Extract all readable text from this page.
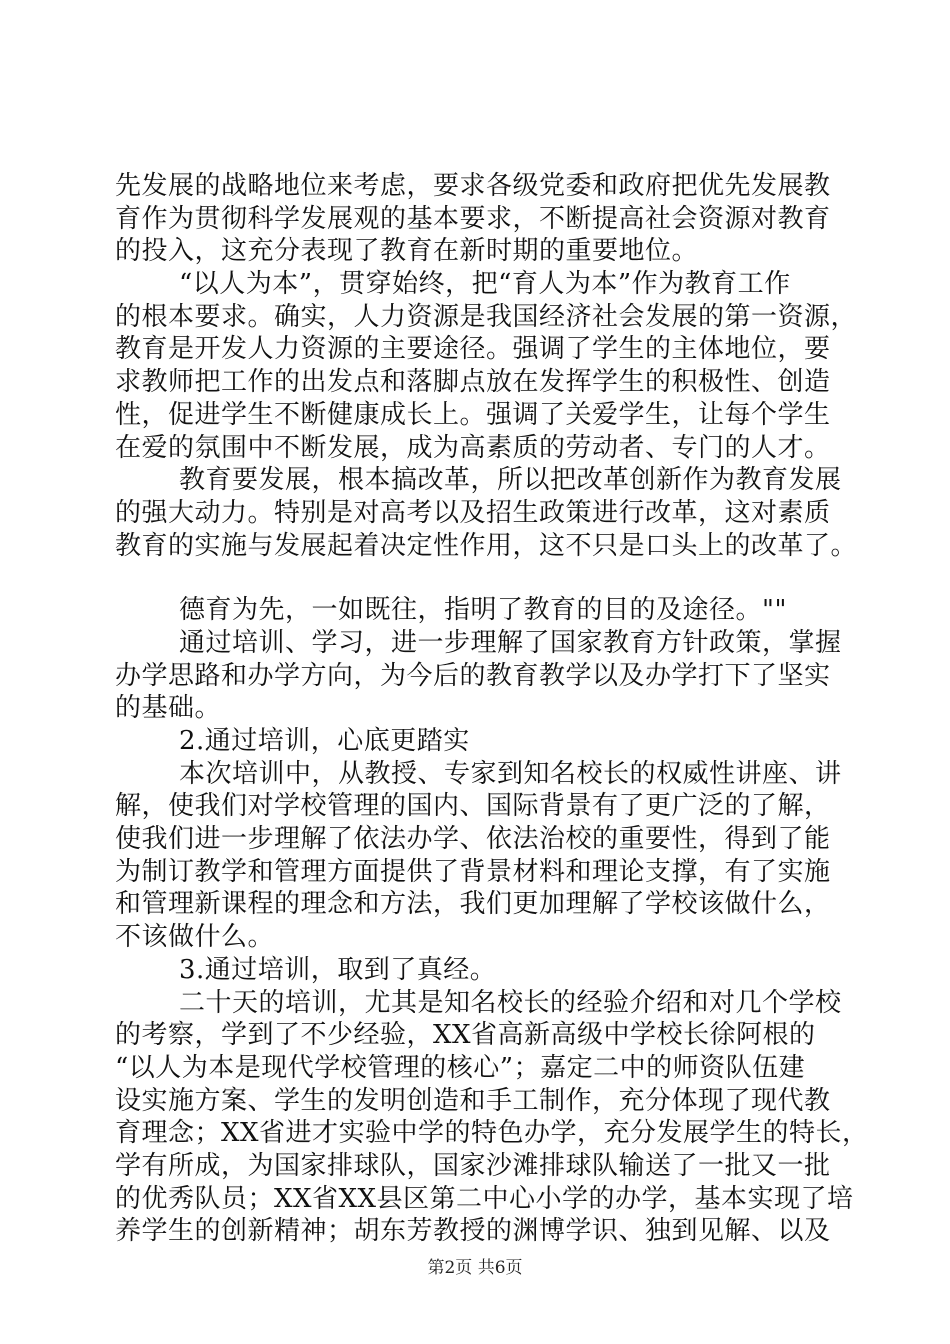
先发展的战略地位来考虑，要求各级党委和政府把优先发展教
育作为贯彻科学发展观的基本要求，不断提高社会资源对教育
的投入，这充分表现了教育在新时期的重要地位。
“以人为本”，贯穿始终，把“育人为本”作为教育工作
的根本要求。确实，人力资源是我国经济社会发展的第一资源，
教育是开发人力资源的主要途径。强调了学生的主体地位，要
求教师把工作的出发点和落脚点放在发挥学生的积极性、创造
性，促进学生不断健康成长上。强调了关爱学生，让每个学生
在爱的氛围中不断发展，成为高素质的劳动者、专门的人才。
教育要发展，根本搞改革，所以把改革创新作为教育发展
的强大动力。特别是对高考以及招生政策进行改革，这对素质
教育的实施与发展起着决定性作用，这不只是口头上的改革了。
德育为先，一如既往，指明了教育的目的及途径。""
通过培训、学习，进一步理解了国家教育方针政策，掌握
办学思路和办学方向，为今后的教育教学以及办学打下了坚实
的基础。
2.通过培训，心底更踏实
本次培训中，从教授、专家到知名校长的权威性讲座、讲
解，使我们对学校管理的国内、国际背景有了更广泛的了解，
使我们进一步理解了依法办学、依法治校的重要性，得到了能
为制订教学和管理方面提供了背景材料和理论支撑，有了实施
和管理新课程的理念和方法，我们更加理解了学校该做什么，
不该做什么。
3.通过培训，取到了真经。
二十天的培训，尤其是知名校长的经验介绍和对几个学校
的考察，学到了不少经验，XX省高新高级中学校长徐阿根的
“以人为本是现代学校管理的核心”；嘉定二中的师资队伍建
设实施方案、学生的发明创造和手工制作，充分体现了现代教
育理念；XX省进才实验中学的特色办学，充分发展学生的特长，
学有所成，为国家排球队，国家沙滩排球队输送了一批又一批
的优秀队员；XX省XX县区第二中心小学的办学，基本实现了培
养学生的创新精神；胡东芳教授的渊博学识、独到见解、以及
第2页 共6页
